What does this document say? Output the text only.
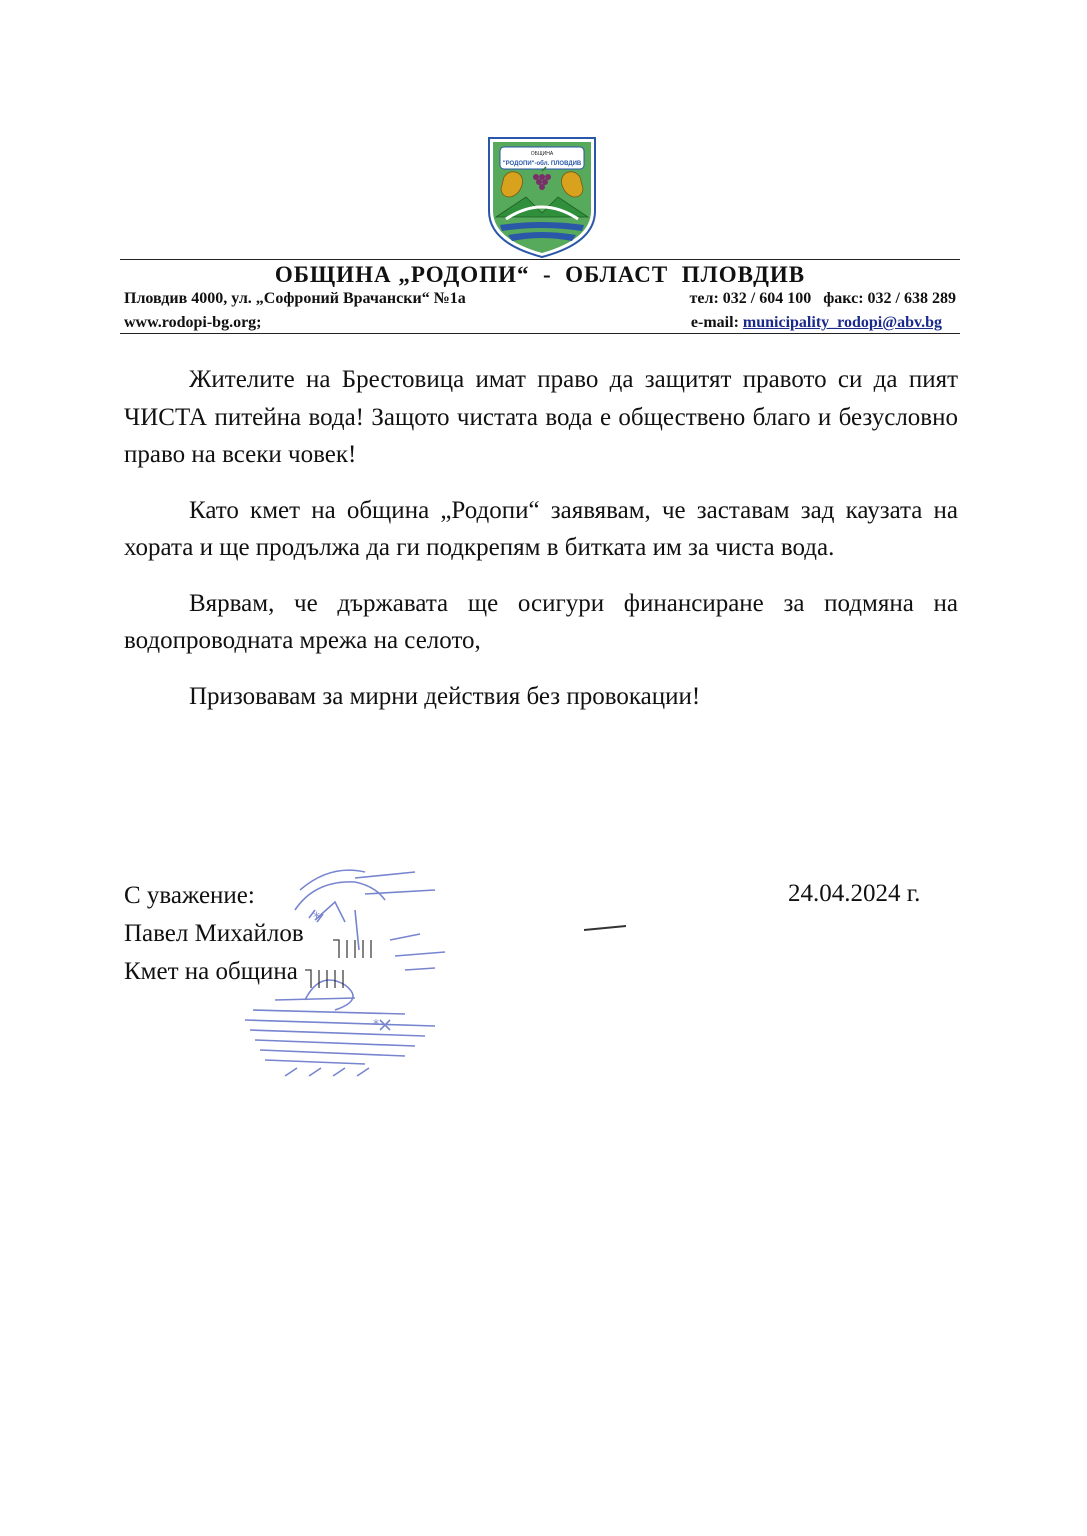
ОБЩИНА
"РОДОПИ"-обл. ПЛОВДИВ
ОБЩИНА „РОДОПИ“  -  ОБЛАСТ  ПЛОВДИВ
Пловдив 4000, ул. „Софроний Врачански“ №1а	тел: 032 / 604 100   факс: 032 / 638 289
www.rodopi-bg.org;	e-mail: municipality_rodopi@abv.bg

Жителите на Брестовица имат право да защитят правото си да пият ЧИСТА питейна вода! Защото чистата вода е обществено благо и безусловно право на всеки човек!

Като кмет на община „Родопи“ заявявам, че заставам зад каузата на хората и ще продължа да ги подкрепям в битката им за чиста вода.

Вярвам, че държавата ще осигури финансиране за подмяна на водопроводната мрежа на селото,

Призовавам за мирни действия без провокации!

С уважение:
Павел Михайлов
Кмет на община
24.04.2024 г.
*
*
